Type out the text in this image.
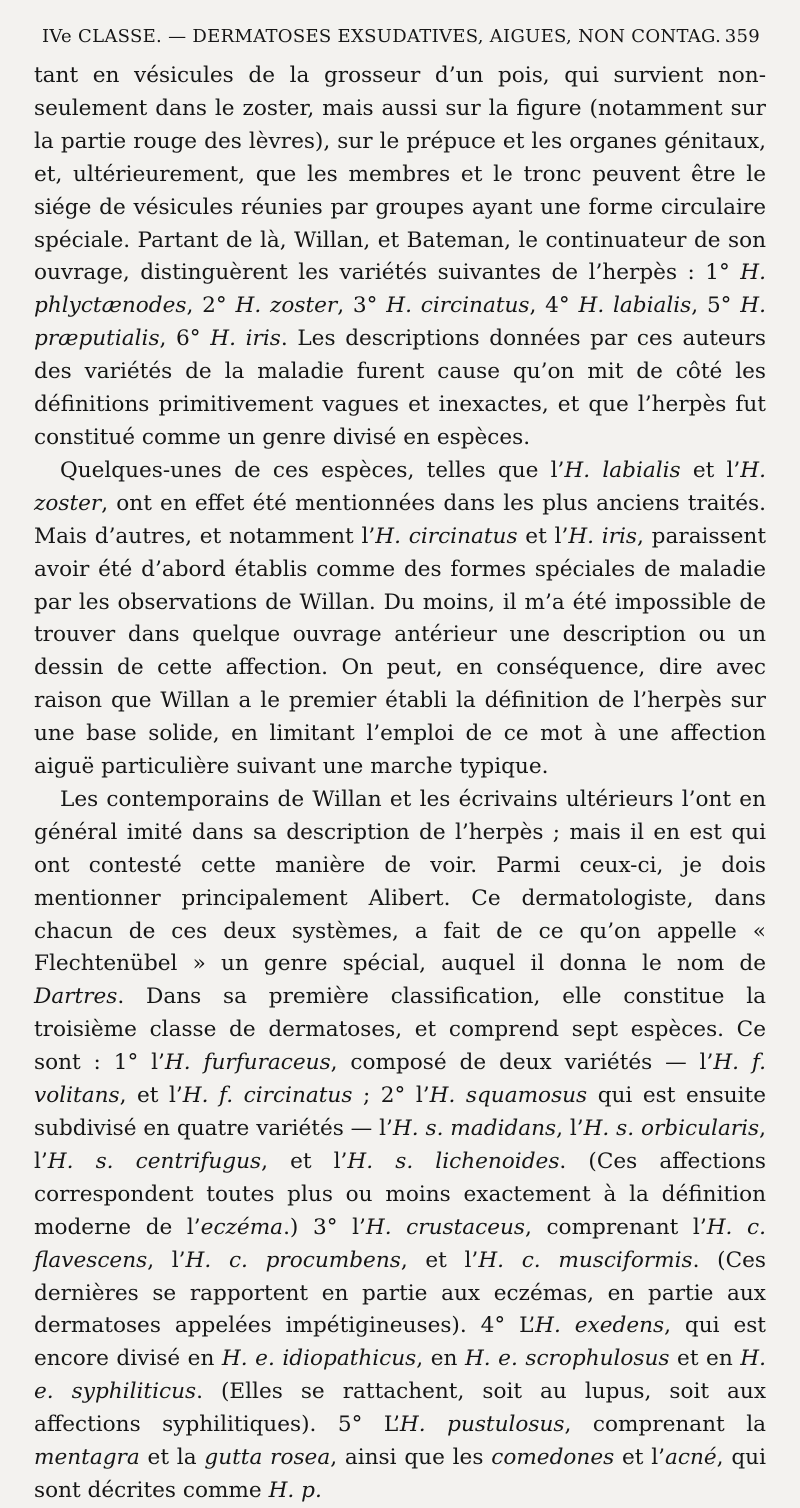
IVe CLASSE. — DERMATOSES EXSUDATIVES, AIGUES, NON CONTAG. 359

tant en vésicules de la grosseur d’un pois, qui survient non-seulement dans le zoster, mais aussi sur la figure (notamment sur la partie rouge des lèvres), sur le prépuce et les organes génitaux, et, ultérieurement, que les membres et le tronc peuvent être le siége de vésicules réunies par groupes ayant une forme circulaire spéciale. Partant de là, Willan, et Bateman, le continuateur de son ouvrage, distinguèrent les variétés suivantes de l’herpès : 1° H. phlyctænodes, 2° H. zoster, 3° H. circinatus, 4° H. labialis, 5° H. præputialis, 6° H. iris. Les descriptions données par ces auteurs des variétés de la maladie furent cause qu’on mit de côté les définitions primitivement vagues et inexactes, et que l’herpès fut constitué comme un genre divisé en espèces.

Quelques-unes de ces espèces, telles que l’H. labialis et l’H. zoster, ont en effet été mentionnées dans les plus anciens traités. Mais d’autres, et notamment l’H. circinatus et l’H. iris, paraissent avoir été d’abord établis comme des formes spéciales de maladie par les observations de Willan. Du moins, il m’a été impossible de trouver dans quelque ouvrage antérieur une description ou un dessin de cette affection. On peut, en conséquence, dire avec raison que Willan a le premier établi la définition de l’herpès sur une base solide, en limitant l’emploi de ce mot à une affection aiguë particulière suivant une marche typique.

Les contemporains de Willan et les écrivains ultérieurs l’ont en général imité dans sa description de l’herpès ; mais il en est qui ont contesté cette manière de voir. Parmi ceux-ci, je dois mentionner principalement Alibert. Ce dermatologiste, dans chacun de ces deux systèmes, a fait de ce qu’on appelle « Flechtenübel » un genre spécial, auquel il donna le nom de Dartres. Dans sa première classification, elle constitue la troisième classe de dermatoses, et comprend sept espèces. Ce sont : 1° l’H. furfuraceus, composé de deux variétés — l’H. f. volitans, et l’H. f. circinatus ; 2° l’H. squamosus qui est ensuite subdivisé en quatre variétés — l’H. s. madidans, l’H. s. orbicularis, l’H. s. centrifugus, et l’H. s. lichenoides. (Ces affections correspondent toutes plus ou moins exactement à la définition moderne de l’eczéma.) 3° l’H. crustaceus, comprenant l’H. c. flavescens, l’H. c. procumbens, et l’H. c. musciformis. (Ces dernières se rapportent en partie aux eczémas, en partie aux dermatoses appelées impétigineuses). 4° L’H. exedens, qui est encore divisé en H. e. idiopathicus, en H. e. scrophulosus et en H. e. syphiliticus. (Elles se rattachent, soit au lupus, soit aux affections syphilitiques). 5° L’H. pustulosus, comprenant la mentagra et la gutta rosea, ainsi que les comedones et l’acné, qui sont décrites comme H. p.
